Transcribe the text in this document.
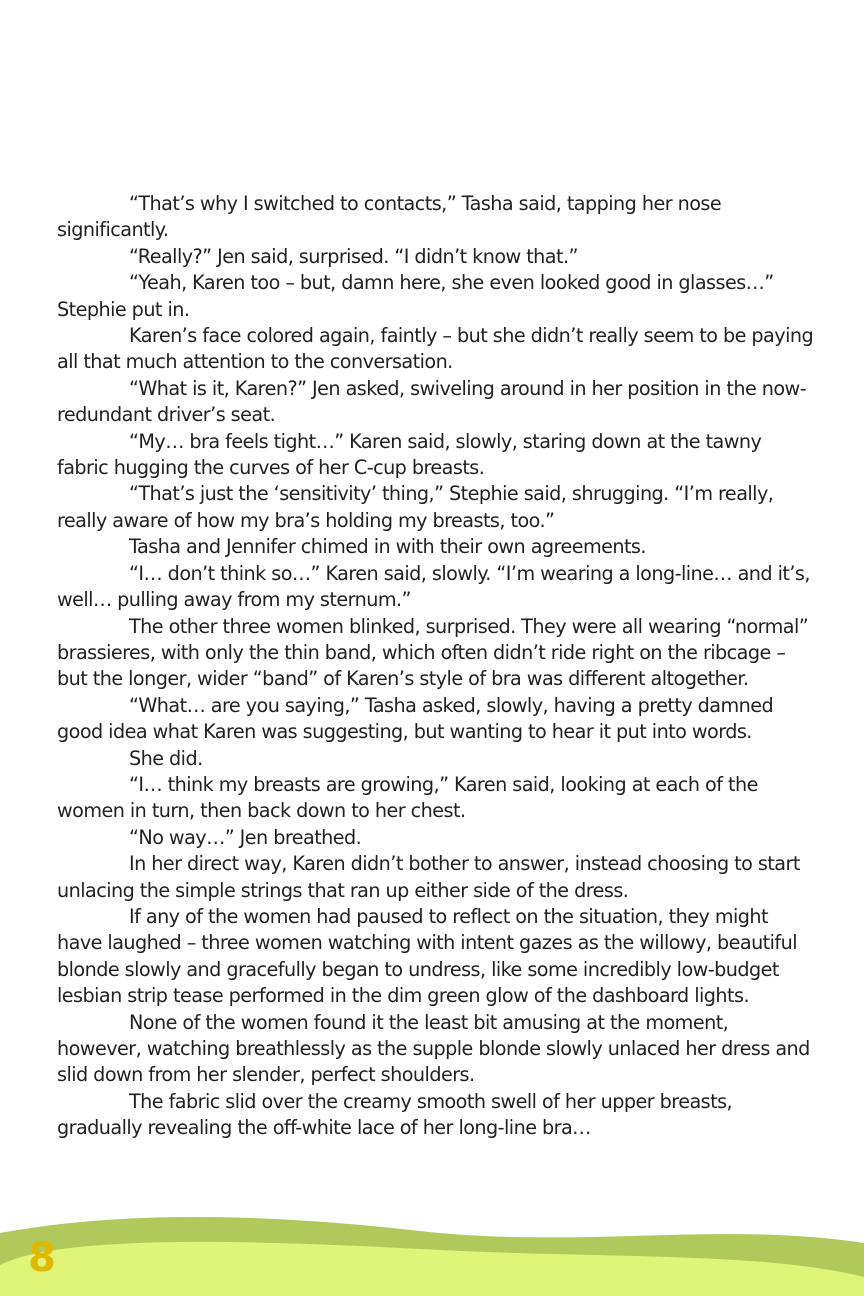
“That’s why I switched to contacts,” Tasha said, tapping her nose significantly.

“Really?” Jen said, surprised. “I didn’t know that.”

“Yeah, Karen too – but, damn here, she even looked good in glasses…” Stephie put in.

Karen’s face colored again, faintly – but she didn’t really seem to be paying all that much attention to the conversation.

“What is it, Karen?” Jen asked, swiveling around in her position in the now-redundant driver’s seat.

“My… bra feels tight…” Karen said, slowly, staring down at the tawny fabric hugging the curves of her C-cup breasts.

“That’s just the ‘sensitivity’ thing,” Stephie said, shrugging. “I’m really, really aware of how my bra’s holding my breasts, too.”

Tasha and Jennifer chimed in with their own agreements.

“I… don’t think so…” Karen said, slowly. “I’m wearing a long-line… and it’s, well… pulling away from my sternum.”

The other three women blinked, surprised. They were all wearing “normal” brassieres, with only the thin band, which often didn’t ride right on the ribcage – but the longer, wider “band” of Karen’s style of bra was different altogether.

“What… are you saying,” Tasha asked, slowly, having a pretty damned good idea what Karen was suggesting, but wanting to hear it put into words.

She did.

“I… think my breasts are growing,” Karen said, looking at each of the women in turn, then back down to her chest.

“No way…” Jen breathed.

In her direct way, Karen didn’t bother to answer, instead choosing to start unlacing the simple strings that ran up either side of the dress.

If any of the women had paused to reflect on the situation, they might have laughed – three women watching with intent gazes as the willowy, beautiful blonde slowly and gracefully began to undress, like some incredibly low-budget lesbian strip tease performed in the dim green glow of the dashboard lights.

None of the women found it the least bit amusing at the moment, however, watching breathlessly as the supple blonde slowly unlaced her dress and slid down from her slender, perfect shoulders.

The fabric slid over the creamy smooth swell of her upper breasts, gradually revealing the off-white lace of her long-line bra…

8
